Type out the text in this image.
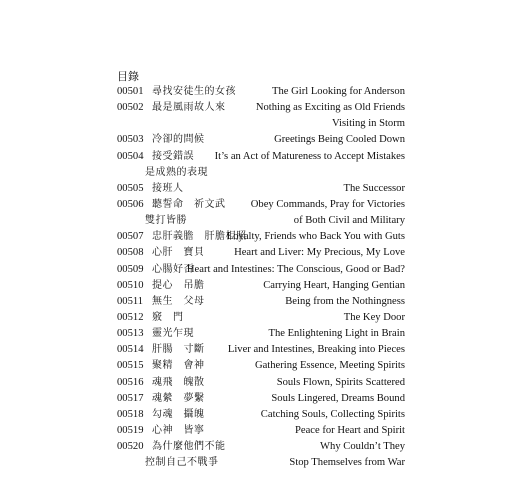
目錄
00501 尋找安徒生的女孩	The Girl Looking for Anderson
00502 最是風雨故人來	Nothing as Exciting as Old Friends
Visiting in Storm
00503 冷卻的問候	Greetings Being Cooled Down
00504 接受錯誤 It’s an Act of Matureness to Accept Mistakes
是成熟的表現
00505 接班人	The Successor
00506 聽誓命　祈文武 Obey Commands, Pray for Victories
雙打皆勝	of Both Civil and Military
00507 忠肝義膽　肝膽相照
Loyalty, Friends who Back You with Guts
00508 心肝　寶貝	Heart and Liver: My Precious, My Love
00509 心腸好否
Heart and Intestines: The Conscious, Good or Bad?
00510 提心　吊膽	Carrying Heart, Hanging Gentian
00511 無生　父母	Being from the Nothingness
00512 竅　門	The Key Door
00513 靈光乍現	The Enlightening Light in Brain
00514 肝腸　寸斷 Liver and Intestines, Breaking into Pieces
00515 聚精　會神	Gathering Essence, Meeting Spirits
00516 魂飛　魄散	Souls Flown, Spirits Scattered
00517 魂縈　夢繫	Souls Lingered, Dreams Bound
00518 勾魂　攝魄	Catching Souls, Collecting Spirits
00519 心神　皆寧	Peace for Heart and Spirit
00520 為什麼他們不能	Why Couldn’t They
控制自己不戰爭	Stop Themselves from War
